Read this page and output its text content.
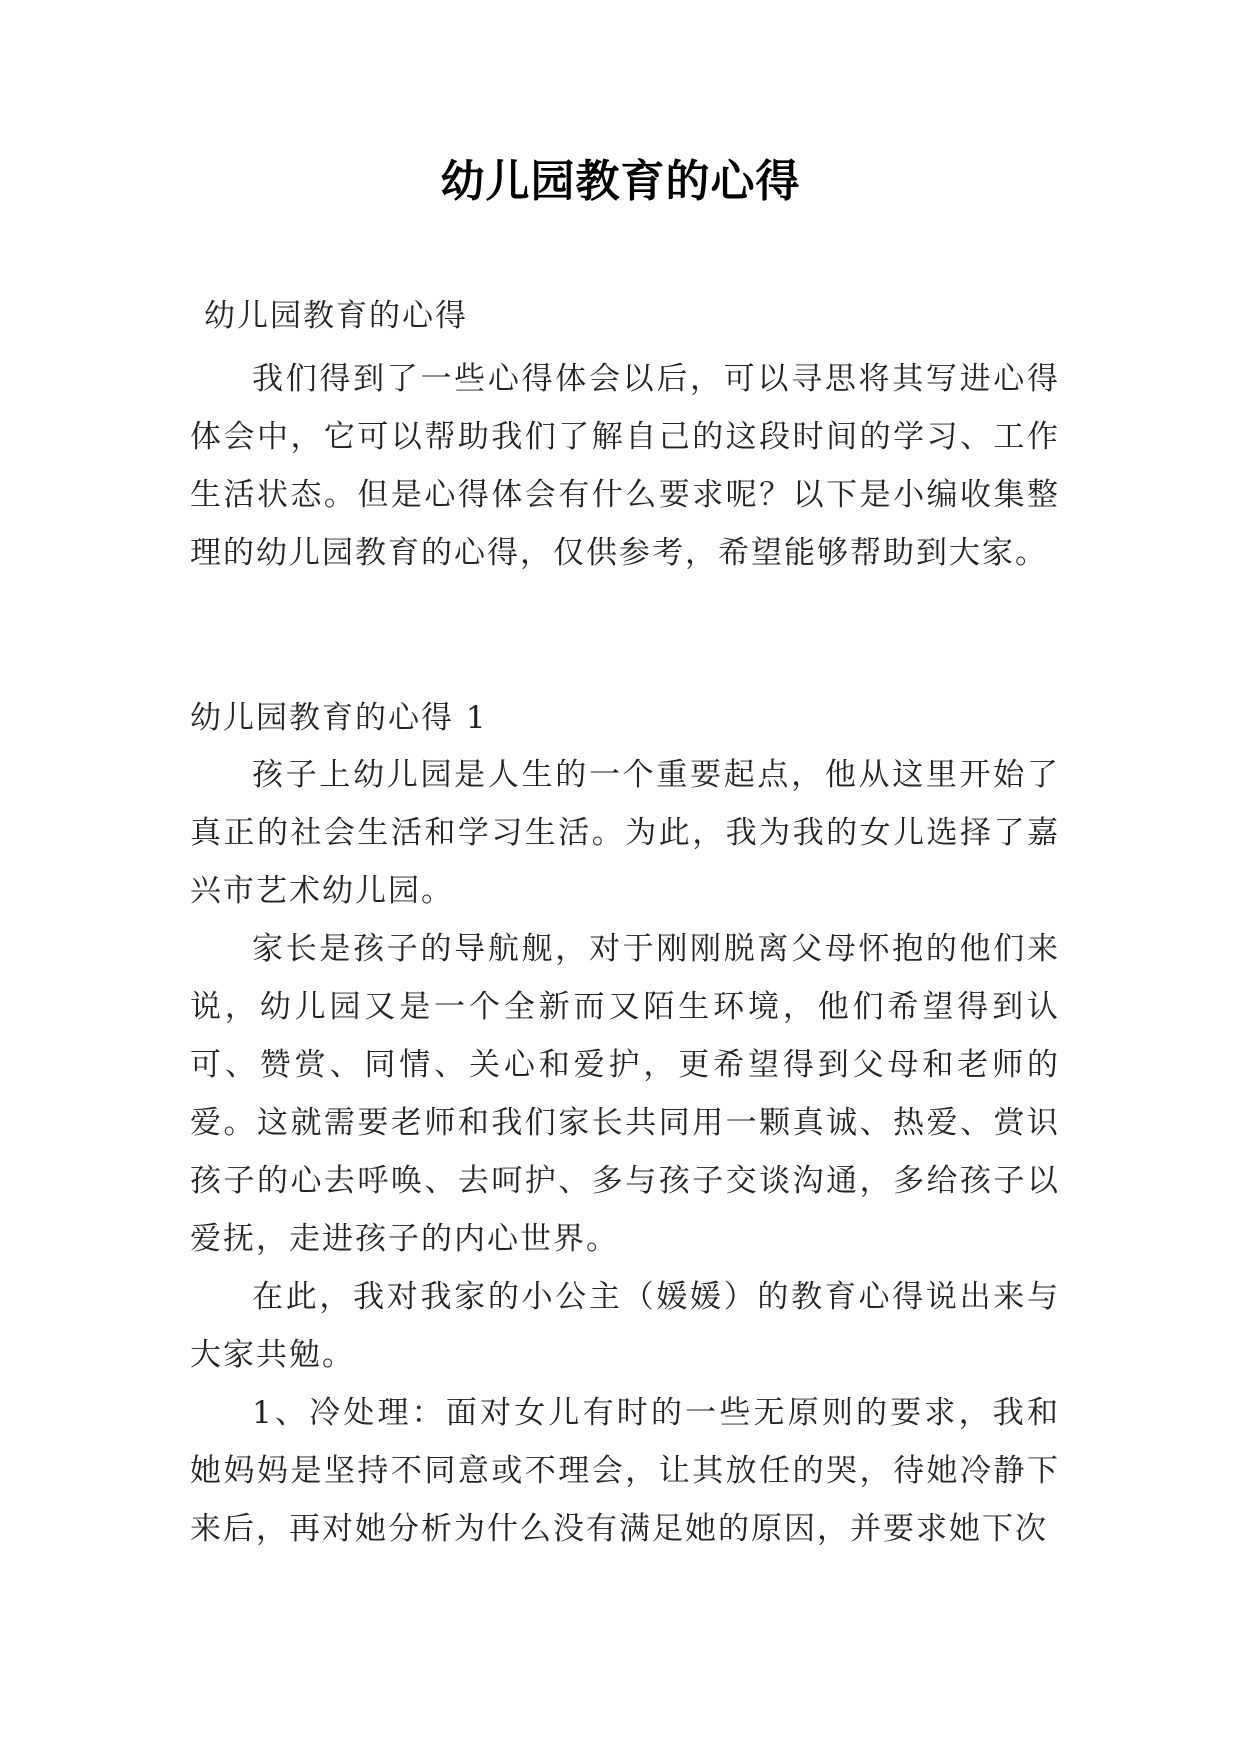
幼儿园教育的心得
幼儿园教育的心得

我们得到了一些心得体会以后，可以寻思将其写进心得体会中，它可以帮助我们了解自己的这段时间的学习、工作生活状态。但是心得体会有什么要求呢？以下是小编收集整理的幼儿园教育的心得，仅供参考，希望能够帮助到大家。

幼儿园教育的心得 1

孩子上幼儿园是人生的一个重要起点，他从这里开始了真正的社会生活和学习生活。为此，我为我的女儿选择了嘉兴市艺术幼儿园。

家长是孩子的导航舰，对于刚刚脱离父母怀抱的他们来说，幼儿园又是一个全新而又陌生环境，他们希望得到认可、赞赏、同情、关心和爱护，更希望得到父母和老师的爱。这就需要老师和我们家长共同用一颗真诚、热爱、赏识孩子的心去呼唤、去呵护、多与孩子交谈沟通，多给孩子以爱抚，走进孩子的内心世界。

在此，我对我家的小公主（媛媛）的教育心得说出来与大家共勉。

1、冷处理：面对女儿有时的一些无原则的要求，我和她妈妈是坚持不同意或不理会，让其放任的哭，待她冷静下来后，再对她分析为什么没有满足她的原因，并要求她下次
